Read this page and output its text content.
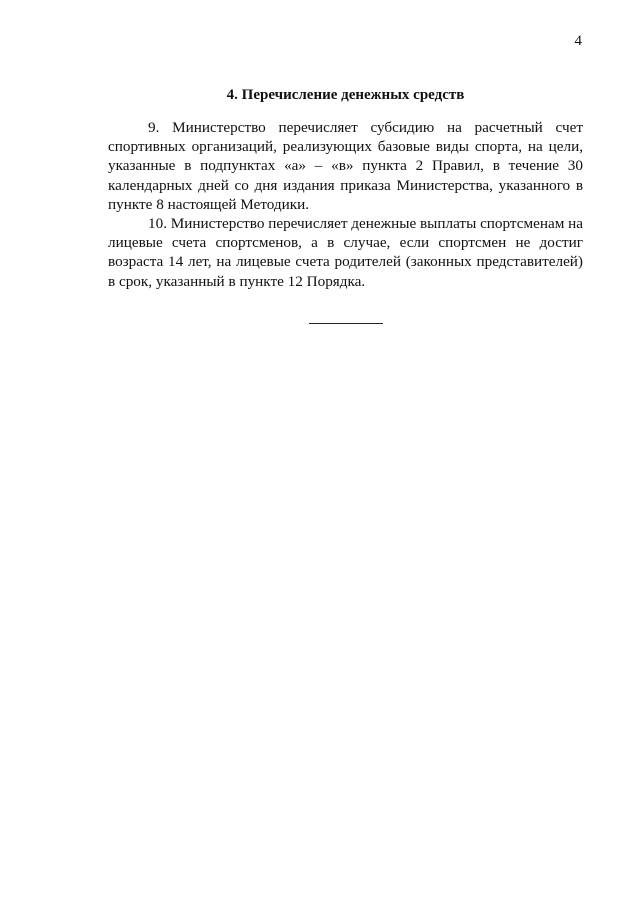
4
4. Перечисление денежных средств

9. Министерство перечисляет субсидию на расчетный счет спортивных организаций, реализующих базовые виды спорта, на цели, указанные в подпунктах «а» – «в» пункта 2 Правил, в течение 30 календарных дней со дня издания приказа Министерства, указанного в пункте 8 настоящей Методики.

10. Министерство перечисляет денежные выплаты спортсменам на лицевые счета спортсменов, а в случае, если спортсмен не достиг возраста 14 лет, на лицевые счета родителей (законных представителей) в срок, указанный в пункте 12 Порядка.
